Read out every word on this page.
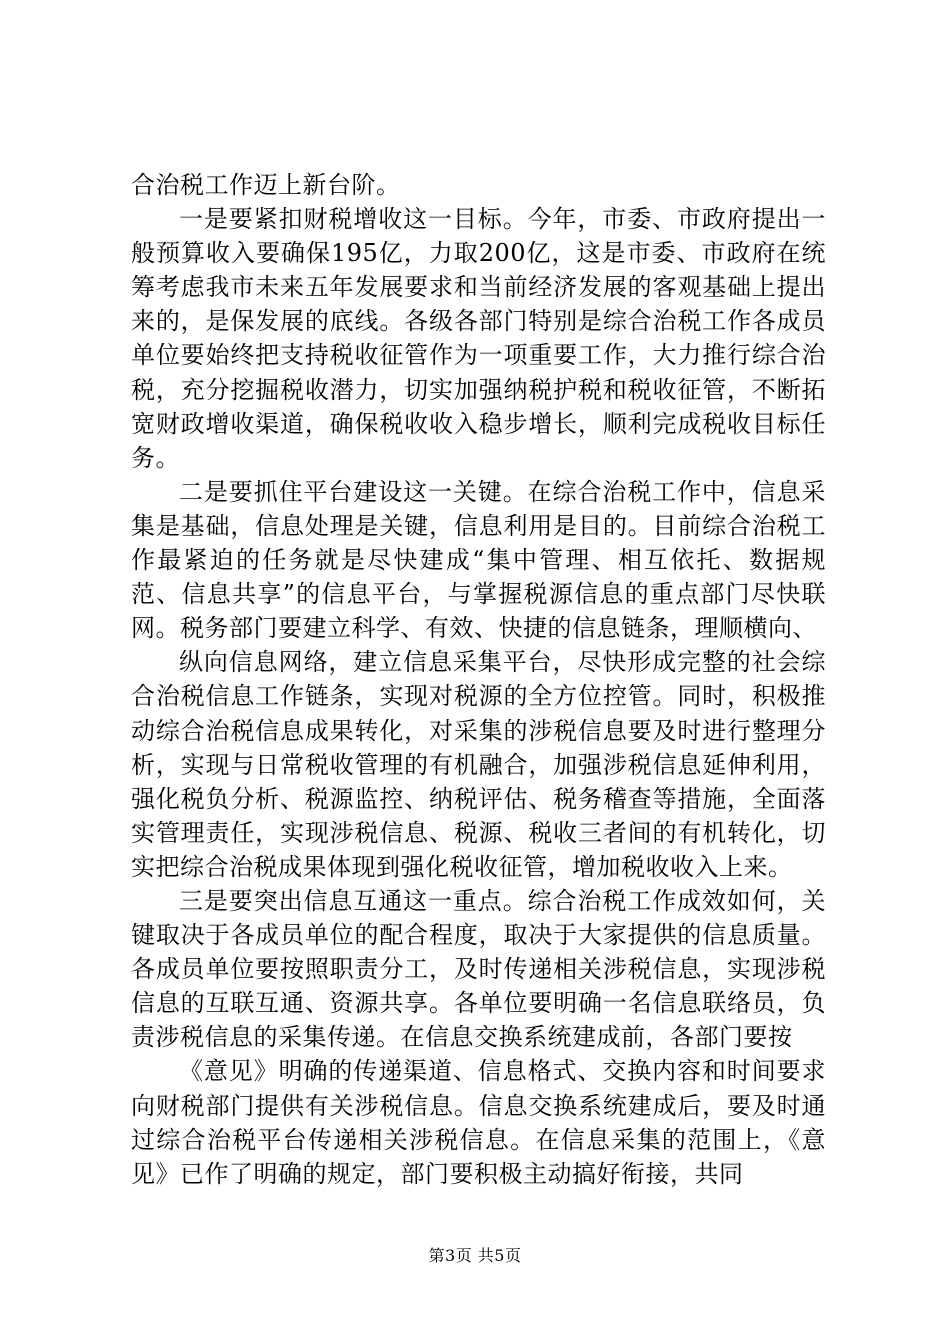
合治税工作迈上新台阶。

一是要紧扣财税增收这一目标。今年，市委、市政府提出一般预算收入要确保195亿，力取200亿，这是市委、市政府在统筹考虑我市未来五年发展要求和当前经济发展的客观基础上提出来的，是保发展的底线。各级各部门特别是综合治税工作各成员单位要始终把支持税收征管作为一项重要工作，大力推行综合治税，充分挖掘税收潜力，切实加强纳税护税和税收征管，不断拓宽财政增收渠道，确保税收收入稳步增长，顺利完成税收目标任务。

二是要抓住平台建设这一关键。在综合治税工作中，信息采集是基础，信息处理是关键，信息利用是目的。目前综合治税工作最紧迫的任务就是尽快建成“集中管理、相互依托、数据规范、信息共享”的信息平台，与掌握税源信息的重点部门尽快联网。税务部门要建立科学、有效、快捷的信息链条，理顺横向、

纵向信息网络，建立信息采集平台，尽快形成完整的社会综合治税信息工作链条，实现对税源的全方位控管。同时，积极推动综合治税信息成果转化，对采集的涉税信息要及时进行整理分析，实现与日常税收管理的有机融合，加强涉税信息延伸利用，强化税负分析、税源监控、纳税评估、税务稽查等措施，全面落实管理责任，实现涉税信息、税源、税收三者间的有机转化，切实把综合治税成果体现到强化税收征管，增加税收收入上来。

三是要突出信息互通这一重点。综合治税工作成效如何，关键取决于各成员单位的配合程度，取决于大家提供的信息质量。各成员单位要按照职责分工，及时传递相关涉税信息，实现涉税信息的互联互通、资源共享。各单位要明确一名信息联络员，负责涉税信息的采集传递。在信息交换系统建成前，各部门要按

《意见》明确的传递渠道、信息格式、交换内容和时间要求向财税部门提供有关涉税信息。信息交换系统建成后，要及时通过综合治税平台传递相关涉税信息。在信息采集的范围上，《意见》已作了明确的规定，部门要积极主动搞好衔接，共同

第3页 共5页
